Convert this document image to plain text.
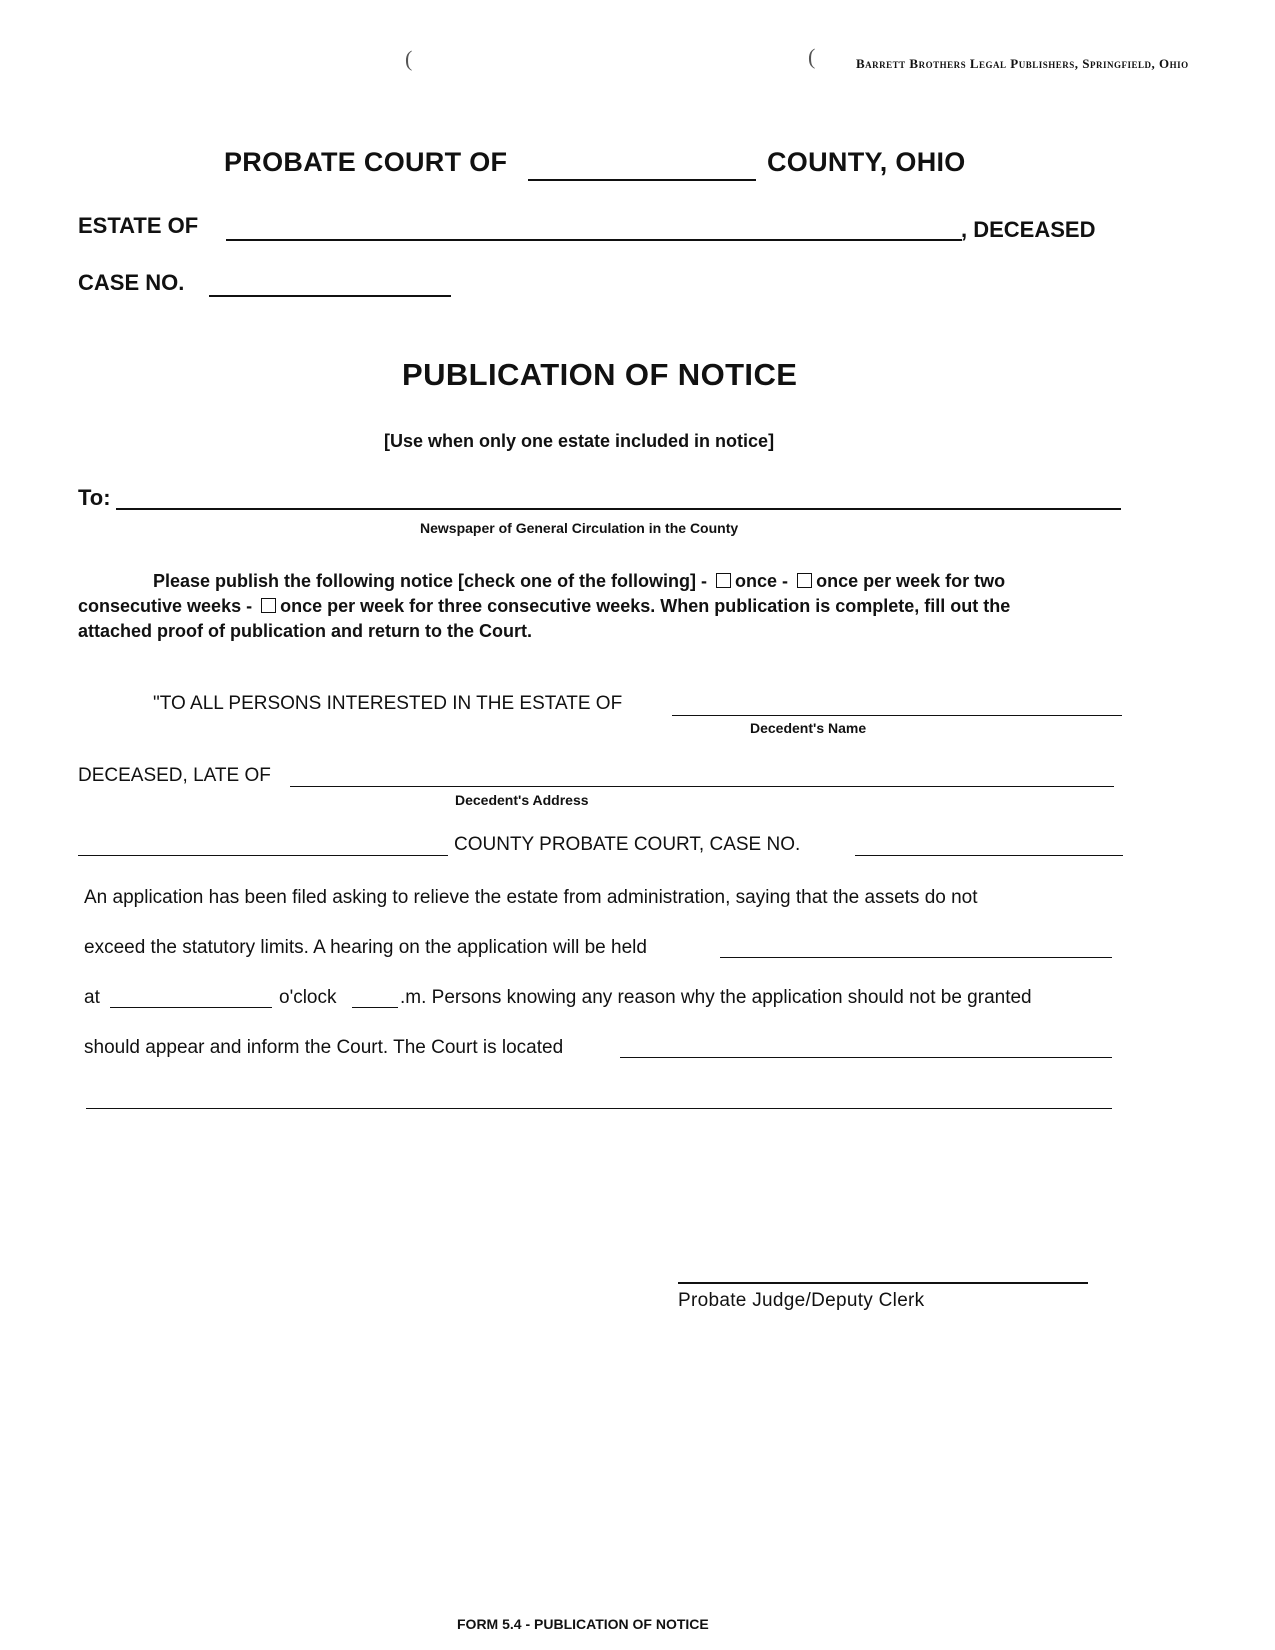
(	(	Barrett Brothers Legal Publishers, Springfield, Ohio
PROBATE COURT OF	COUNTY, OHIO
ESTATE OF	, DECEASED
CASE NO.
PUBLICATION OF NOTICE
[Use when only one estate included in notice]
To:
Newspaper of General Circulation in the County
Please publish the following notice [check one of the following] - once - once per week for two
consecutive weeks - once per week for three consecutive weeks. When publication is complete, fill out the
attached proof of publication and return to the Court.
"TO ALL PERSONS INTERESTED IN THE ESTATE OF
Decedent's Name
DECEASED, LATE OF
Decedent's Address
COUNTY PROBATE COURT, CASE NO.
An application has been filed asking to relieve the estate from administration, saying that the assets do not
exceed the statutory limits. A hearing on the application will be held
at	o'clock	.m. Persons knowing any reason why the application should not be granted
should appear and inform the Court. The Court is located
Probate Judge/Deputy Clerk
FORM 5.4 - PUBLICATION OF NOTICE
